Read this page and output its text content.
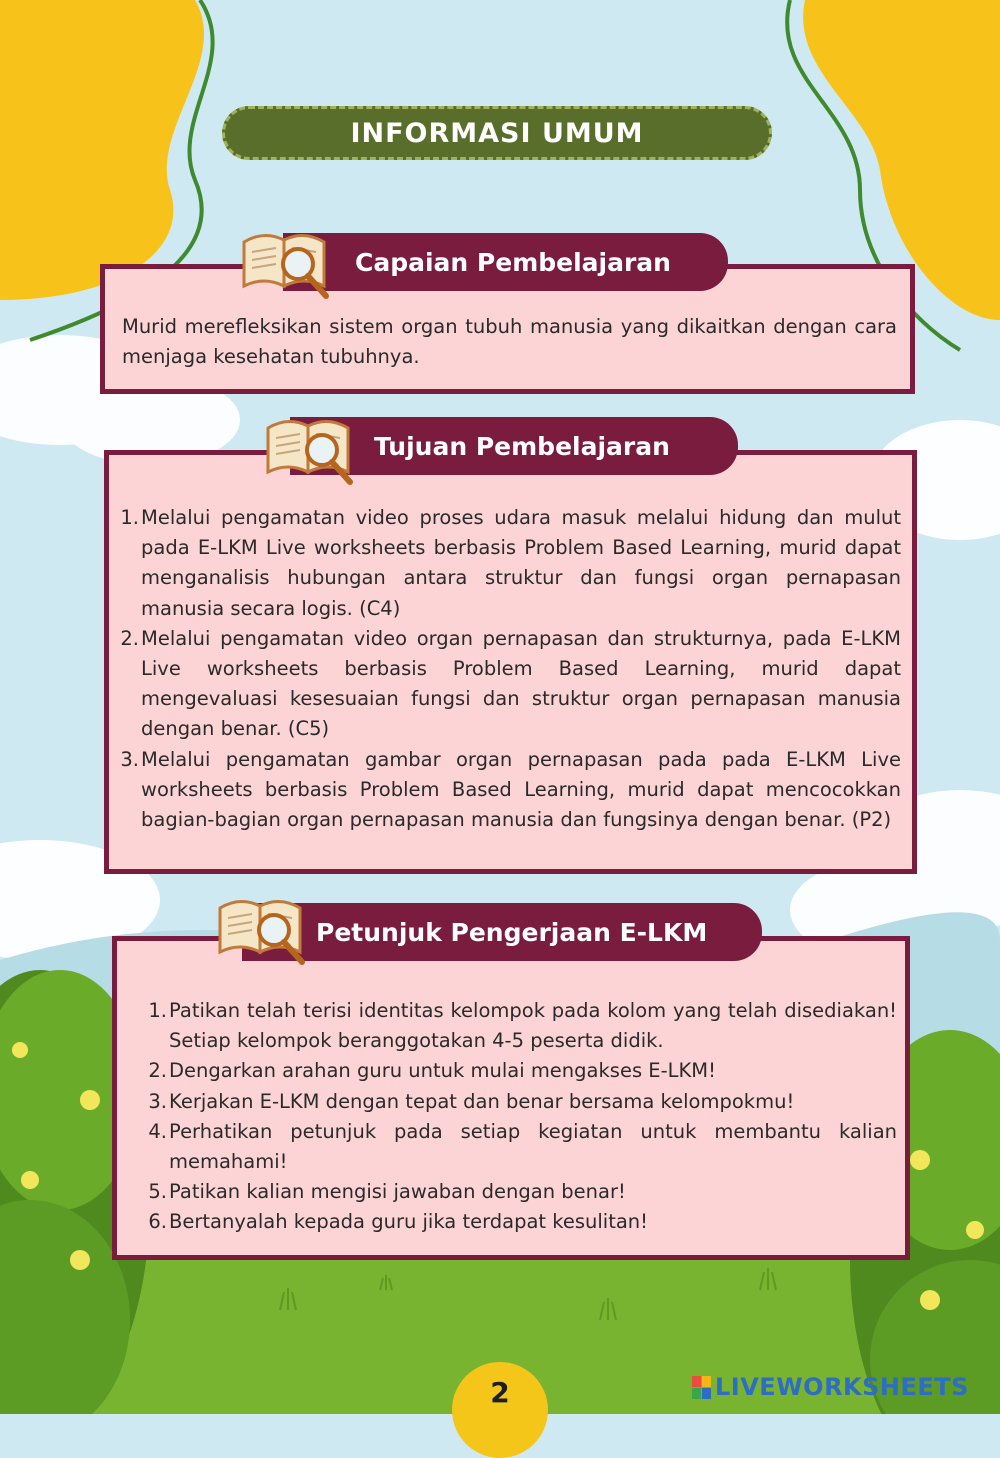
INFORMASI UMUM

Murid merefleksikan sistem organ tubuh manusia yang dikaitkan dengan cara menjaga kesehatan tubuhnya.

Capaian Pembelajaran
1. Melalui pengamatan video proses udara masuk melalui hidung dan mulut pada E-LKM Live worksheets berbasis Problem Based Learning, murid dapat menganalisis hubungan antara struktur dan fungsi organ pernapasan manusia secara logis. (C4)
2. Melalui pengamatan video organ pernapasan dan strukturnya, pada E-LKM Live worksheets berbasis Problem Based Learning, murid dapat mengevaluasi kesesuaian fungsi dan struktur organ pernapasan manusia dengan benar. (C5)
3. Melalui pengamatan gambar organ pernapasan pada pada E-LKM Live worksheets berbasis Problem Based Learning, murid dapat mencocokkan bagian-bagian organ pernapasan manusia dan fungsinya dengan benar. (P2)
Tujuan Pembelajaran
1. Patikan telah terisi identitas kelompok pada kolom yang telah disediakan! Setiap kelompok beranggotakan 4-5 peserta didik.
2. Dengarkan arahan guru untuk mulai mengakses E-LKM!
3. Kerjakan E-LKM dengan tepat dan benar bersama kelompokmu!
4. Perhatikan petunjuk pada setiap kegiatan untuk membantu kalian memahami!
5. Patikan kalian mengisi jawaban dengan benar!
6. Bertanyalah kepada guru jika terdapat kesulitan!
Petunjuk Pengerjaan E-LKM
2	LIVEWORKSHEETS
